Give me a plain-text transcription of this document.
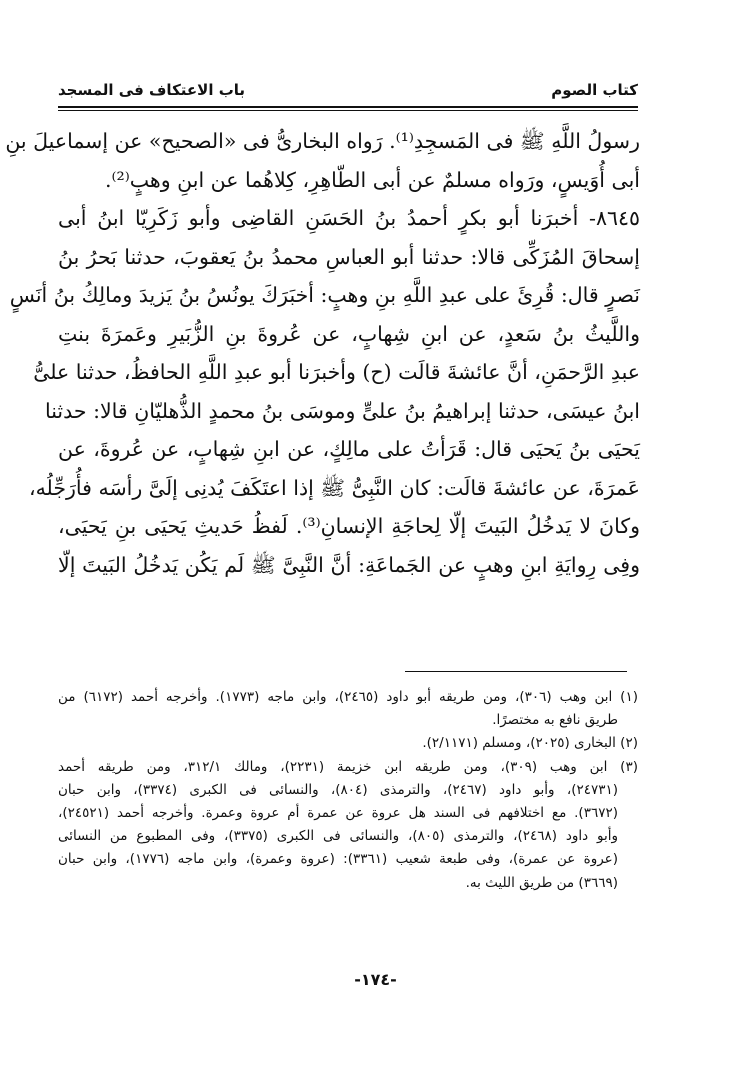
كتاب الصوم
باب الاعتكاف فى المسجد
رسولُ اللَّهِ ﷺ فى المَسجِدِ⁽¹⁾. رَواه البخارىُّ فى «الصحيح» عن إسماعيلَ بنِ
أبى أُوَيسٍ، ورَواه مسلمٌ عن أبى الطّاهِرِ، كِلاهُما عن ابنِ وهبٍ⁽²⁾.
٨٦٤٥- أخبرَنا أبو بكرٍ أحمدُ بنُ الحَسَنِ القاضِى وأبو زَكَرِيّا ابنُ أبى
إسحاقَ المُزَكِّى قالا: حدثنا أبو العباسِ محمدُ بنُ يَعقوبَ، حدثنا بَحرُ بنُ
نَصرٍ قال: قُرِئَ على عبدِ اللَّهِ بنِ وهبٍ: أخبَرَكَ يونُسُ بنُ يَزيدَ ومالِكُ بنُ أنَسٍ
واللَّيثُ بنُ سَعدٍ، عن ابنِ شِهابٍ، عن عُروةَ بنِ الزُّبَيرِ وعَمرَةَ بنتِ
عبدِ الرَّحمَنِ، أنَّ عائشةَ قالَت (ح) وأخبرَنا أبو عبدِ اللَّهِ الحافظُ، حدثنا علىُّ
ابنُ عيسَى، حدثنا إبراهيمُ بنُ علىٍّ وموسَى بنُ محمدٍ الذُّهليّانِ قالا: حدثنا
يَحيَى بنُ يَحيَى قال: قَرَأتُ على مالِكٍ، عن ابنِ شِهابٍ، عن عُروةَ، عن
عَمرَةَ، عن عائشةَ قالَت: كان النَّبِىُّ ﷺ إذا اعتَكَفَ يُدنِى إلَىَّ رأسَه فأُرَجِّلُه،
وكانَ لا يَدخُلُ البَيتَ إلّا لِحاجَةِ الإنسانِ⁽³⁾. لَفظُ حَديثِ يَحيَى بنِ يَحيَى،
وفِى رِوايَةِ ابنِ وهبٍ عن الجَماعَةِ: أنَّ النَّبِىَّ ﷺ لَم يَكُن يَدخُلُ البَيتَ إلّا
(١) ابن وهب (٣٠٦)، ومن طريقه أبو داود (٢٤٦٥)، وابن ماجه (١٧٧٣). وأخرجه أحمد (٦١٧٢) من
طريق نافع به مختصرًا.
(٢) البخارى (٢٠٢٥)، ومسلم (٢/١١٧١).
(٣) ابن وهب (٣٠٩)، ومن طريقه ابن خزيمة (٢٢٣١)، ومالك ٣١٢/١، ومن طريقه أحمد
(٢٤٧٣١)، وأبو داود (٢٤٦٧)، والترمذى (٨٠٤)، والنسائى فى الكبرى (٣٣٧٤)، وابن حبان
(٣٦٧٢). مع اختلافهم فى السند هل عروة عن عمرة أم عروة وعمرة. وأخرجه أحمد (٢٤٥٢١)،
وأبو داود (٢٤٦٨)، والترمذى (٨٠٥)، والنسائى فى الكبرى (٣٣٧٥)، وفى المطبوع من النسائى
(عروة عن عمرة)، وفى طبعة شعيب (٣٣٦١): (عروة وعمرة)، وابن ماجه (١٧٧٦)، وابن حبان
(٣٦٦٩) من طريق الليث به.
-١٧٤-
